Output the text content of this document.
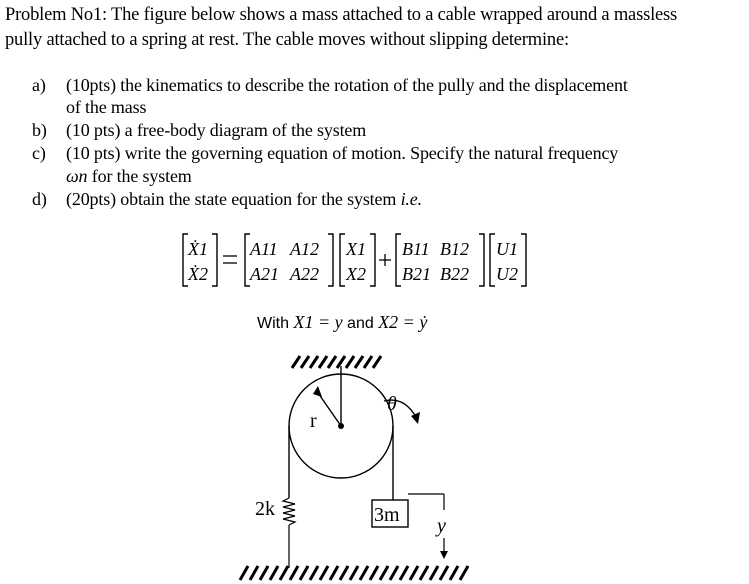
Problem No1: The figure below shows a mass attached to a cable wrapped around a massless
pully attached to a spring at rest. The cable moves without slipping determine:
a) (10pts) the kinematics to describe the rotation of the pully and the displacement
of the mass
b) (10 pts) a free-body diagram of the system
c) (10 pts) write the governing equation of motion. Specify the natural frequency
ωn for the system
d) (20pts) obtain the state equation for the system i.e.
Ẋ1
Ẋ2
A11 A12
A21 A22
X1
X2
B11 B12
B21 B22
U1
U2
With X1 = y and X2 = ẏ
θ
r
2k	3m y
